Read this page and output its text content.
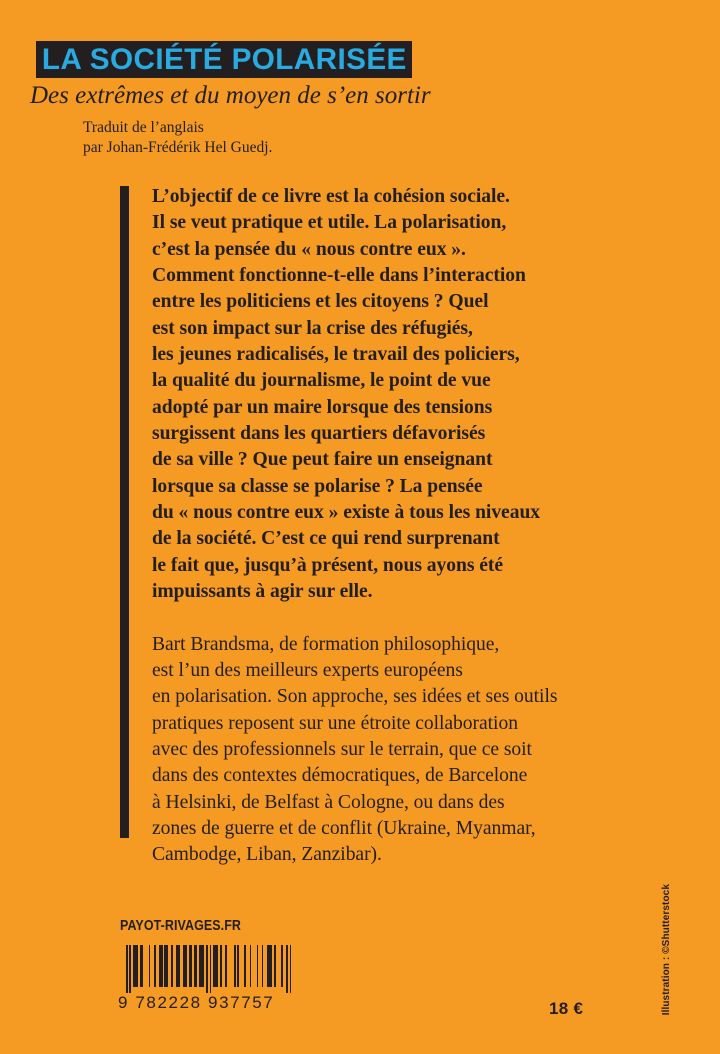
LA SOCIÉTÉ POLARISÉE
Des extrêmes et du moyen de s’en sortir
Traduit de l’anglais
par Johan-Frédérik Hel Guedj.

L’objectif de ce livre est la cohésion sociale.
Il se veut pratique et utile. La polarisation,
c’est la pensée du « nous contre eux ».
Comment fonctionne-t-elle dans l’interaction
entre les politiciens et les citoyens ? Quel
est son impact sur la crise des réfugiés,
les jeunes radicalisés, le travail des policiers,
la qualité du journalisme, le point de vue
adopté par un maire lorsque des tensions
surgissent dans les quartiers défavorisés
de sa ville ? Que peut faire un enseignant
lorsque sa classe se polarise ? La pensée
du « nous contre eux » existe à tous les niveaux
de la société. C’est ce qui rend surprenant
le fait que, jusqu’à présent, nous ayons été
impuissants à agir sur elle.

Bart Brandsma, de formation philosophique,
est l’un des meilleurs experts européens
en polarisation. Son approche, ses idées et ses outils
pratiques reposent sur une étroite collaboration
avec des professionnels sur le terrain, que ce soit
dans des contextes démocratiques, de Barcelone
à Helsinki, de Belfast à Cologne, ou dans des
zones de guerre et de conflit (Ukraine, Myanmar,
Cambodge, Liban, Zanzibar).

PAYOT-RIVAGES.FR
9 782228 937757	18 €	Illustration : ©Shutterstock
